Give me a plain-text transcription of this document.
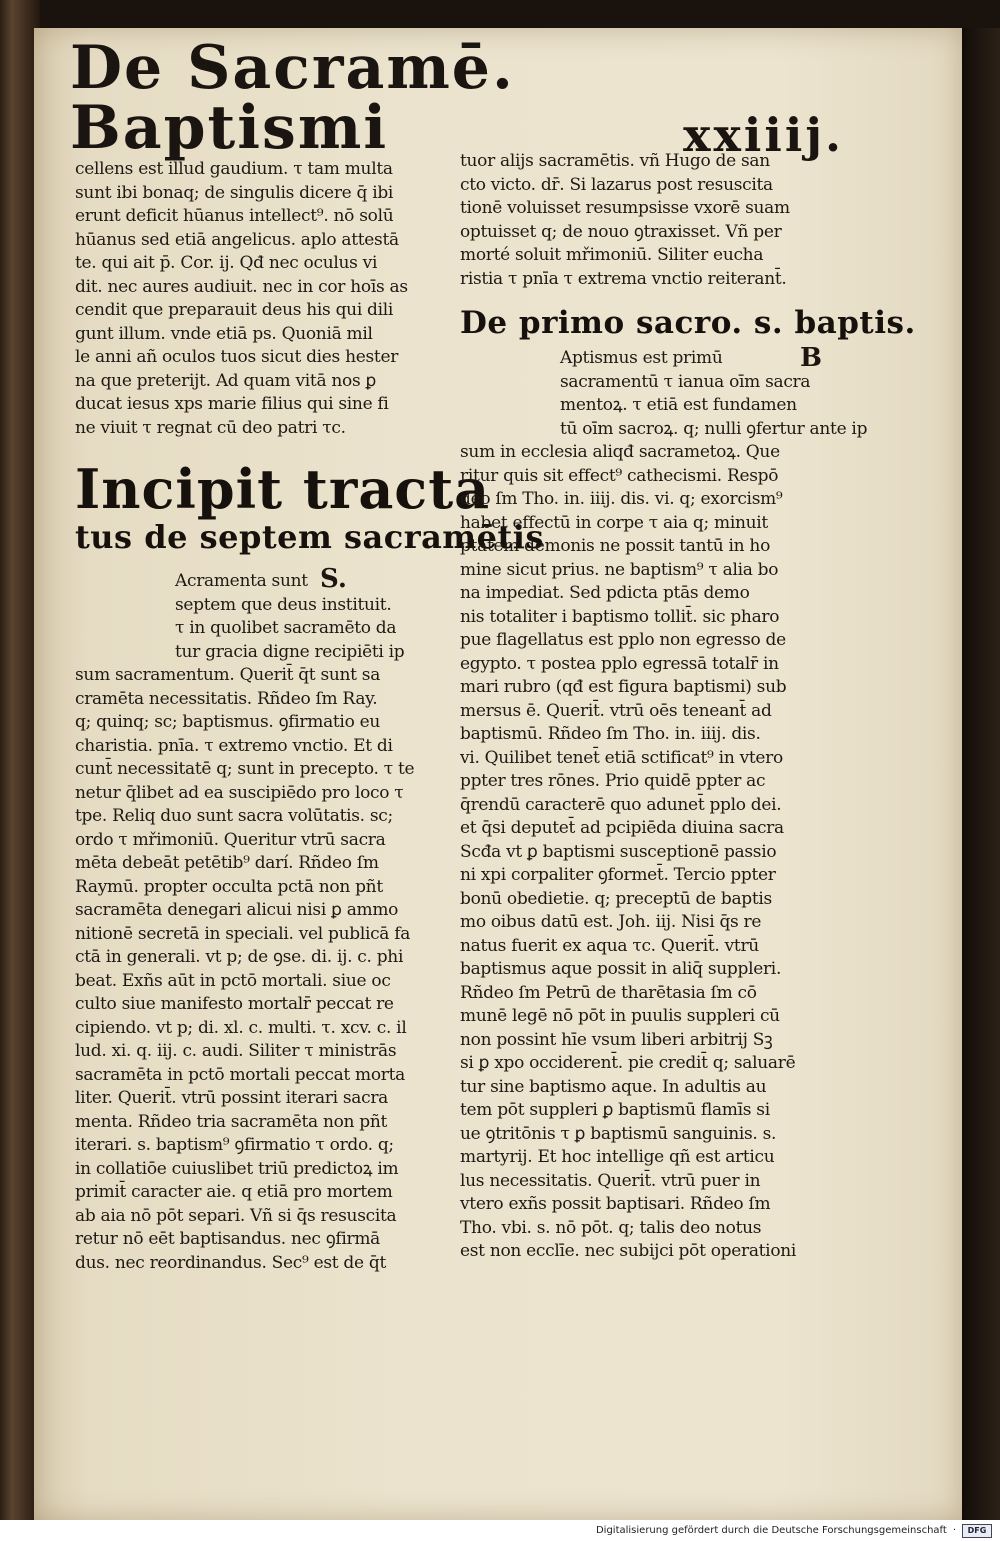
De Sacramē. Baptismi	xxiiij.
cellens est illud gaudium. τ tam multa
sunt ibi bonaq; de singulis dicere q̄ ibi
erunt deficit hūanus intellect⁹. nō solū
hūanus sed etiā angelicus. aplo attestā
te. qui ait p̄. Cor. ij. Qđ nec oculus vi
dit. nec aures audiuit. nec in cor hoīs as
cendit que preparauit deus his qui dili
gunt illum. vnde etiā ps. Quoniā mil
le anni añ oculos tuos sicut dies hester
na que preterijt. Ad quam vitā nos ꝑ
ducat iesus xps marie filius qui sine fi
ne viuit τ regnat cū deo patri τc.
Incipit tracta
tus de septem sacramētis
S.
Acramenta sunt
septem que deus instituit.
τ in quolibet sacramēto da
tur gracia digne recipiēti ip
sum sacramentum. Querit̄ q̄t sunt sa
cramēta necessitatis. Rñdeo ſm Ray.
q; quinq; sc; baptismus. ꝯfirmatio eu
charistia. pnīa. τ extremo vnctio. Et di
cunt̄ necessitatē q; sunt in precepto. τ te
netur q̄libet ad ea suscipiēdo pro loco τ
tpe. Reliq duo sunt sacra volūtatis. sc;
ordo τ mřimoniū. Queritur vtrū sacra
mēta debeāt petētib⁹ darí. Rñdeo ſm
Raymū. propter occulta pctā non pñt
sacramēta denegari alicui nisi ꝑ ammo
nitionē secretā in speciali. vel publicā fa
ctā in generali. vt p; de ꝯse. di. ij. c. phi
beat. Exñs aūt in pctō mortali. siue oc
culto siue manifesto mortalr̄ peccat re
cipiendo. vt p; di. xl. c. multi. τ. xcv. c. il
lud. xi. q. iij. c. audi. Siliter τ ministrās
sacramēta in pctō mortali peccat morta
liter. Querit̄. vtrū possint iterari sacra
menta. Rñdeo tria sacramēta non pñt
iterari. s. baptism⁹ ꝯfirmatio τ ordo. q;
in collatiōe cuiuslibet triū predictoꝝ im
primit̄ caracter aie. q etiā pro mortem
ab aia nō pōt separi. Vñ si q̄s resuscita
retur nō eēt baptisandus. nec ꝯfirmā
dus. nec reordinandus. Sec⁹ est de q̄t
tuor alijs sacramētis. vñ Hugo de san
cto victo. dr̄. Si lazarus post resuscita
tionē voluisset resumpsisse vxorē suam
optuisset q; de nouo ꝯtraxisset. Vñ per
morté soluit mřimoniū. Siliter eucha
ristia τ pnīa τ extrema vnctio reiterant̄.
De primo sacro. s. baptis.
B
Aptismus est primū
sacramentū τ ianua oīm sacra
mentoꝝ. τ etiā est fundamen
tū oīm sacroꝝ. q; nulli ꝯfertur ante ip
sum in ecclesia aliqđ sacrametoꝝ. Que
ritur quis sit effect⁹ cathecismi. Respō
deo ſm Tho. in. iiij. dis. vi. q; exorcism⁹
habet effectū in corpe τ aia q; minuit
ptātem demonis ne possit tantū in ho
mine sicut prius. ne baptism⁹ τ alia bo
na impediat. Sed pdicta ptās demo
nis totaliter i baptismo tollit̄. sic pharo
pue flagellatus est pplo non egresso de
egypto. τ postea pplo egressā totalr̄ in
mari rubro (qđ est figura baptismi) sub
mersus ē. Querit̄. vtrū oēs teneant̄ ad
baptismū. Rñdeo ſm Tho. in. iiij. dis.
vi. Quilibet tenet̄ etiā sctificat⁹ in vtero
ppter tres rōnes. Prio quidē ppter ac
q̄rendū caracterē quo adunet̄ pplo dei.
et q̄si deputet̄ ad pcipiēda diuina sacra
Scđa vt ꝑ baptismi susceptionē passio
ni xpi corpaliter ꝯformet̄. Tercio ppter
bonū obedietie. q; preceptū de baptis
mo oibus datū est. Joh. iij. Nisi q̄s re
natus fuerit ex aqua τc. Querit̄. vtrū
baptismus aque possit in aliq̄ suppleri.
Rñdeo ſm Petrū de tharētasia ſm cō
munē legē nō pōt in puulis suppleri cū
non possint hīe vsum liberi arbitrij Sꝫ
si ꝑ xpo occiderent̄. pie credit̄ q; saluarē
tur sine baptismo aque. In adultis au
tem pōt suppleri ꝑ baptismū flamīs si
ue ꝯtritōnis τ ꝑ baptismū sanguinis. s.
martyrij. Et hoc intellige qñ est articu
lus necessitatis. Querit̄. vtrū puer in
vtero exñs possit baptisari. Rñdeo ſm
Tho. vbi. s. nō pōt. q; talis deo notus
est non ecclīe. nec subijci pōt operationi
Digitalisierung gefördert durch die Deutsche Forschungsgemeinschaft ·	DFG
